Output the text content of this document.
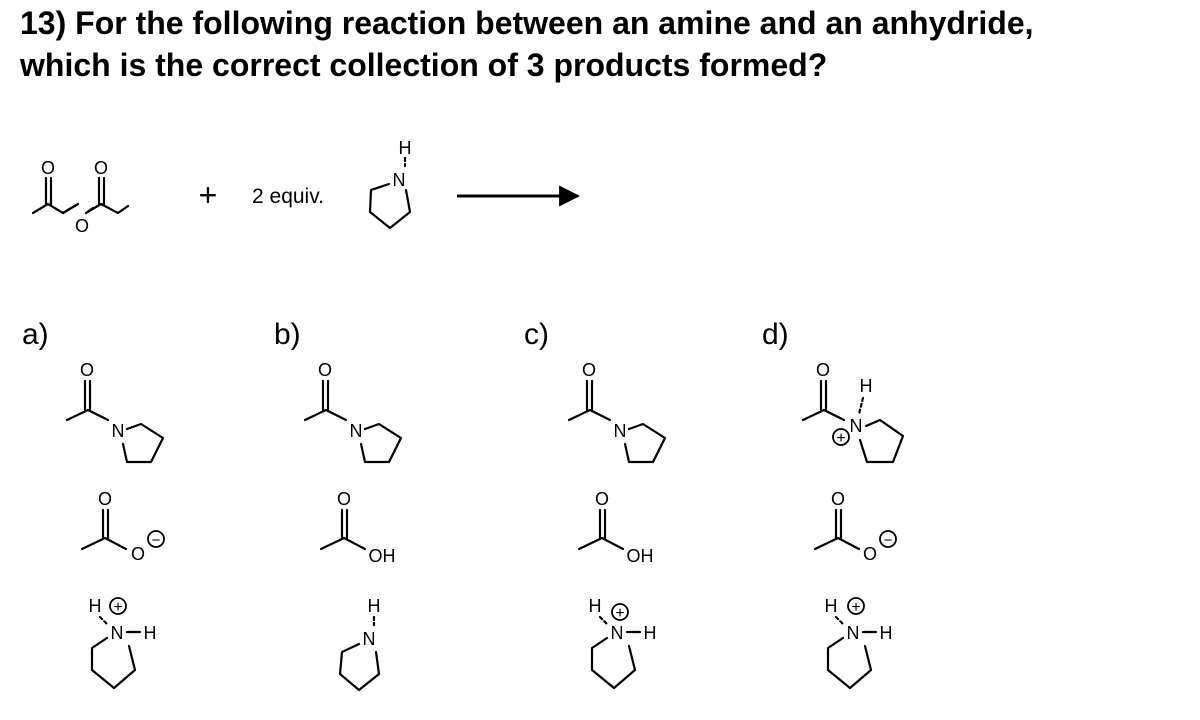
13) For the following reaction between an amine and an anhydride,
which is the correct collection of 3 products formed?
O O
O
+ 2 equiv.
H
N
a)	b)	c)	d)
O
N
O
O
−
H +
N H
O
N
O
OH
H
N
O
N
O
OH
H +
N H
O
H
N
+
O
O
−
H +
N H
